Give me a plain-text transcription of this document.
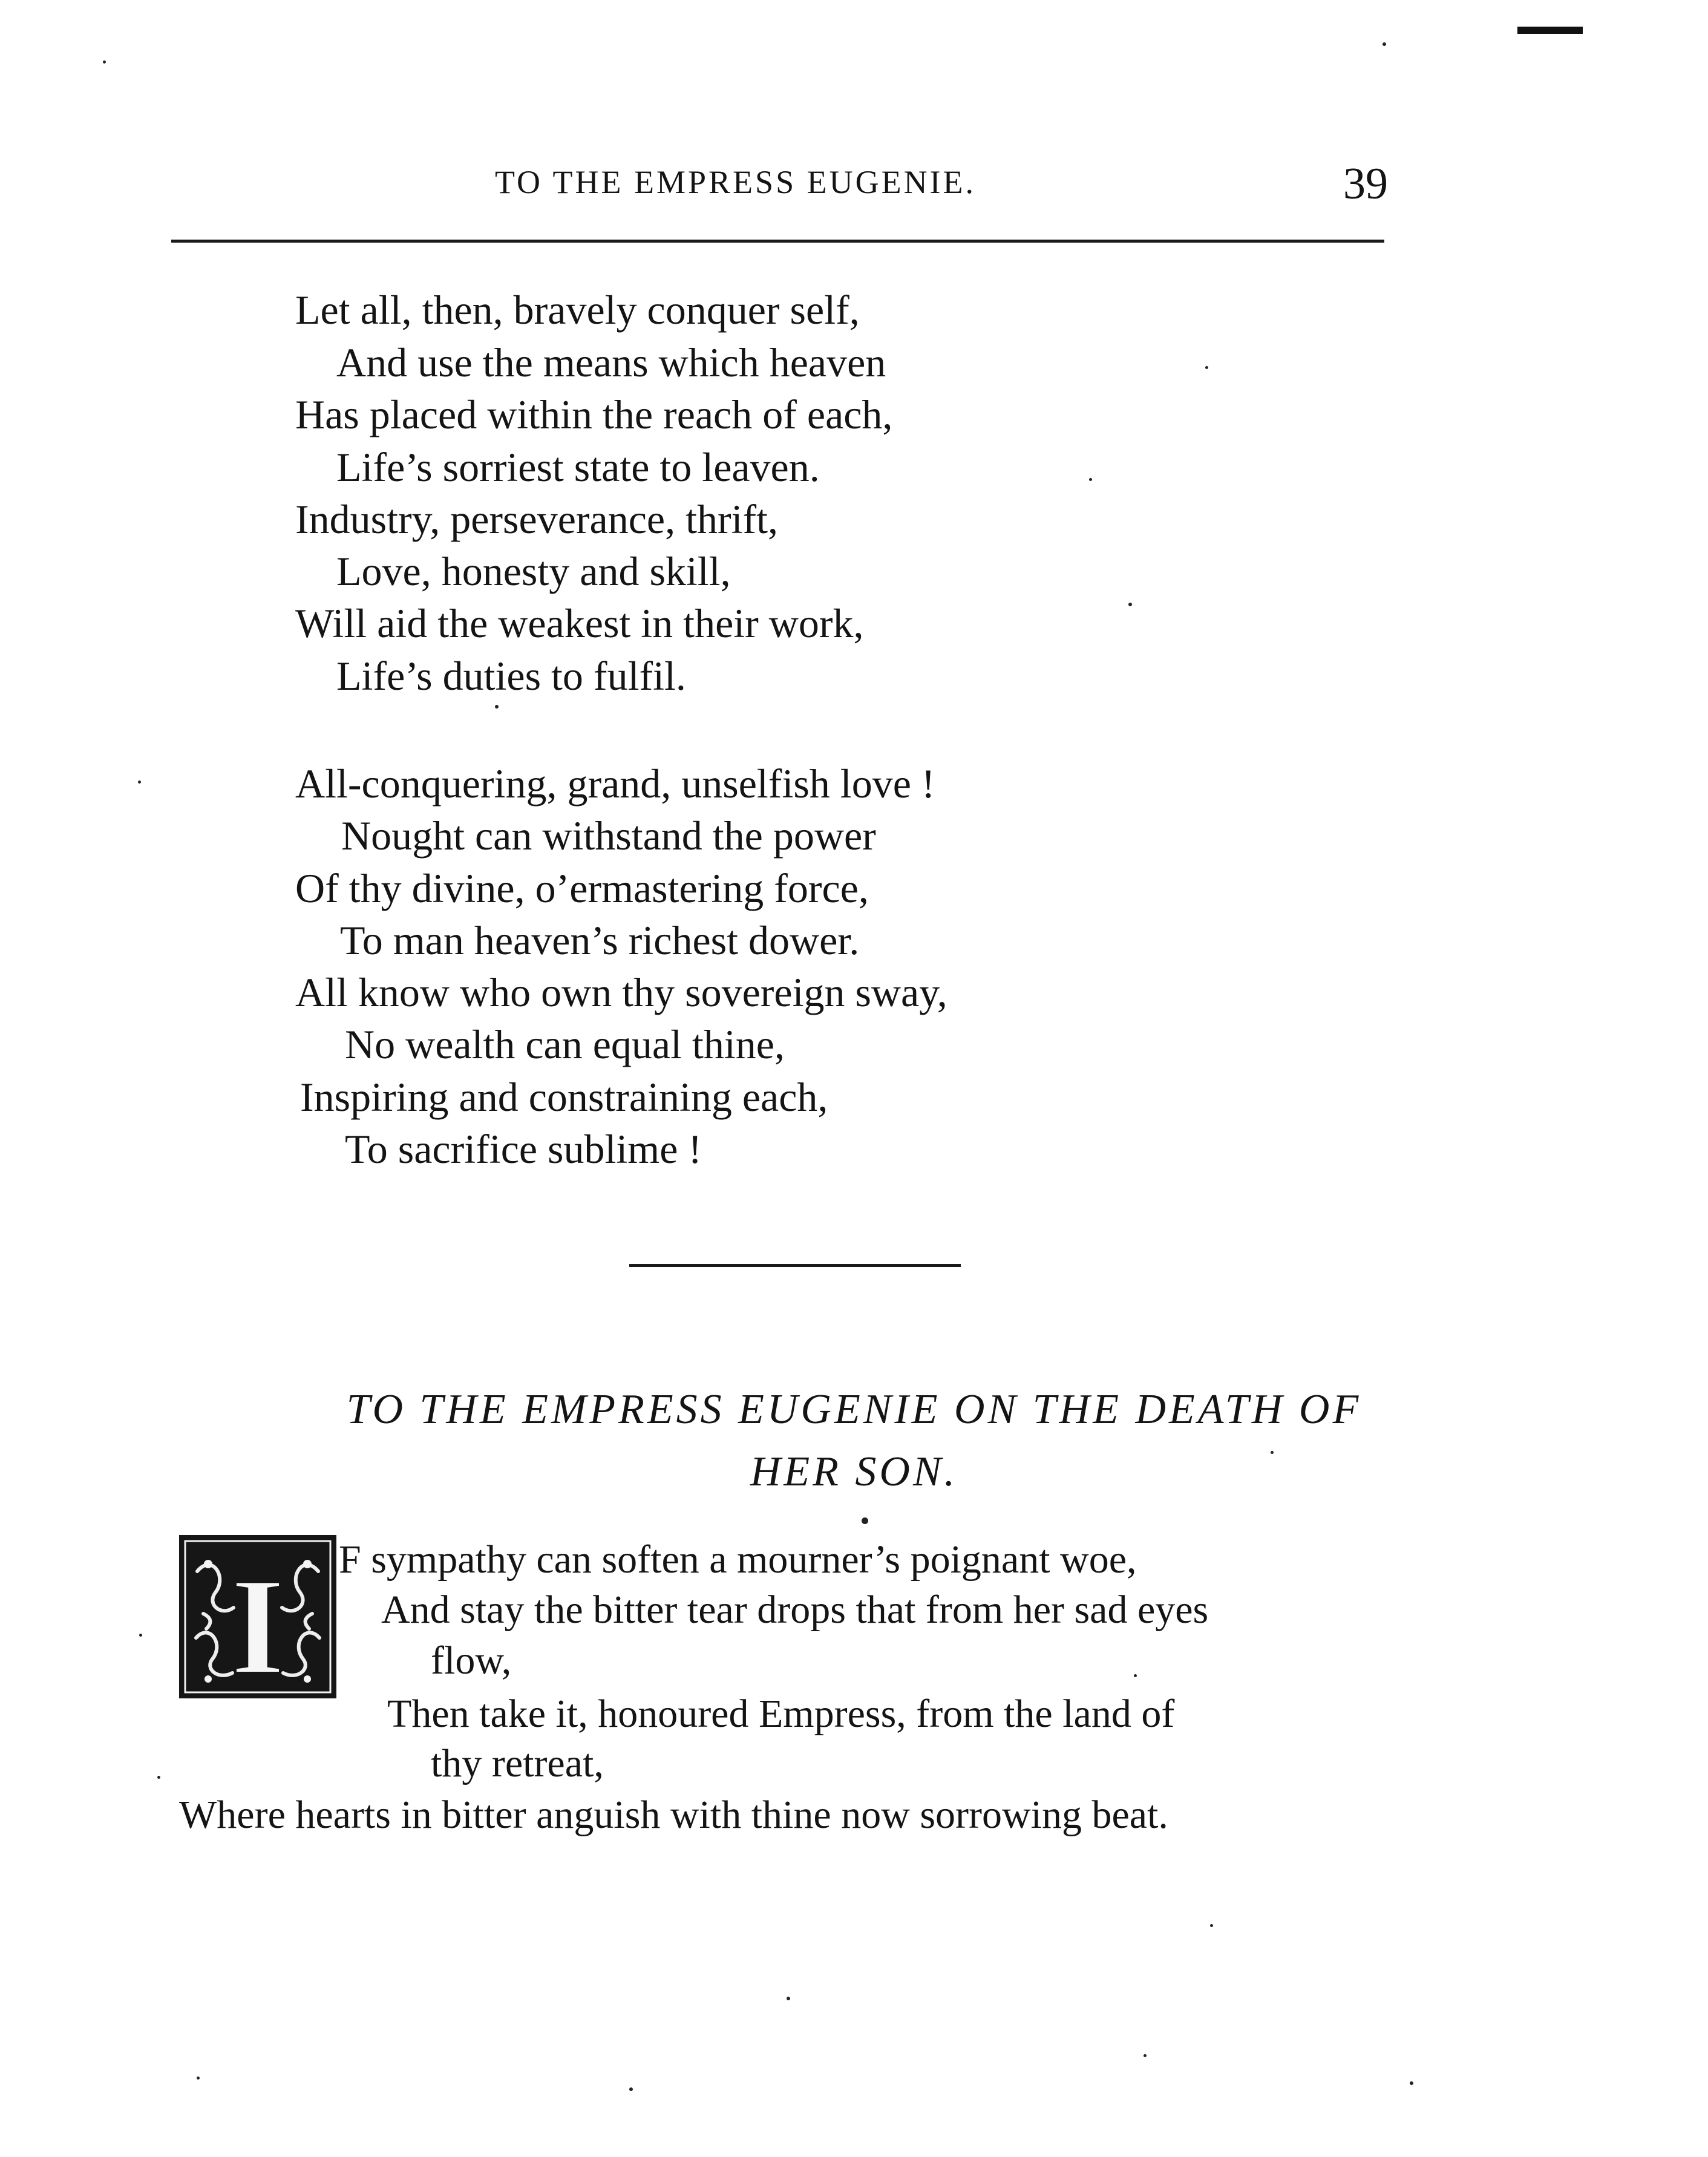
TO THE EMPRESS EUGENIE.	39
Let all, then, bravely conquer self,
And use the means which heaven
Has placed within the reach of each,
Life’s sorriest state to leaven.
Industry, perseverance, thrift,
Love, honesty and skill,
Will aid the weakest in their work,
Life’s duties to fulfil.
All-conquering, grand, unselfish love !
Nought can withstand the power
Of thy divine, o’ermastering force,
To man heaven’s richest dower.
All know who own thy sovereign sway,
No wealth can equal thine,
Inspiring and constraining each,
To sacrifice sublime !
TO THE EMPRESS EUGENIE ON THE DEATH OF
HER SON.
I F sympathy can soften a mourner’s poignant woe,
And stay the bitter tear drops that from her sad eyes
flow,
Then take it, honoured Empress, from the land of
thy retreat,
Where hearts in bitter anguish with thine now sorrowing beat.
